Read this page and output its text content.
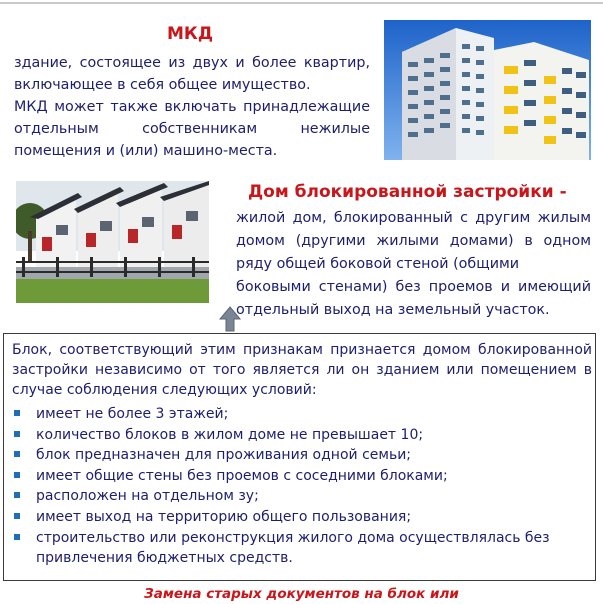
МКД
здание, состоящее из двух и более квартир,
включающее в себя общее имущество.
МКД может также включать принадлежащие
отдельным собственникам нежилые
помещения и (или) машино-места.
Дом блокированной застройки -
жилой дом, блокированный с другим жилым
домом (другими жилыми домами) в одном
ряду общей боковой стеной (общими
боковыми стенами) без проемов и имеющий
отдельный выход на земельный участок.
Блок, соответствующий этим признакам признается домом блокированной
застройки независимо от того является ли он зданием или помещением в
случае соблюдения следующих условий:
имеет не более 3 этажей;
количество блоков в жилом доме не превышает 10;
блок предназначен для проживания одной семьи;
имеет общие стены без проемов с соседними блоками;
расположен на отдельном зу;
имеет выход на территорию общего пользования;
строительство или реконструкция жилого дома осуществлялась без
привлечения бюджетных средств.
Замена старых документов на блок или
